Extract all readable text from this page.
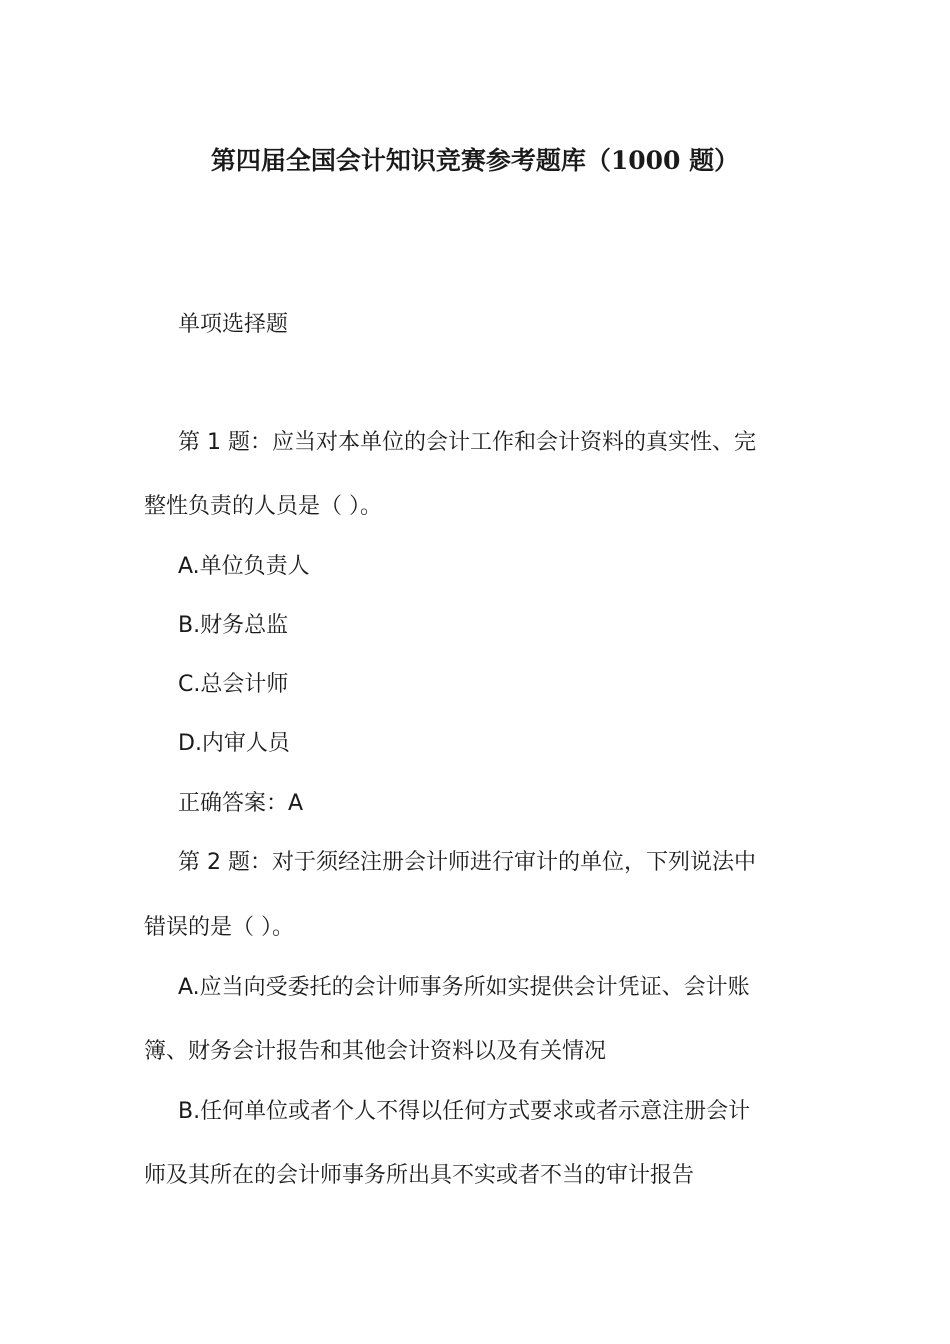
第四届全国会计知识竞赛参考题库（1000 题）

单项选择题

第 1 题：应当对本单位的会计工作和会计资料的真实性、完

整性负责的人员是（ ）。

A.单位负责人

B.财务总监

C.总会计师

D.内审人员

正确答案：A

第 2 题：对于须经注册会计师进行审计的单位，下列说法中

错误的是（ ）。

A.应当向受委托的会计师事务所如实提供会计凭证、会计账

簿、财务会计报告和其他会计资料以及有关情况

B.任何单位或者个人不得以任何方式要求或者示意注册会计

师及其所在的会计师事务所出具不实或者不当的审计报告
